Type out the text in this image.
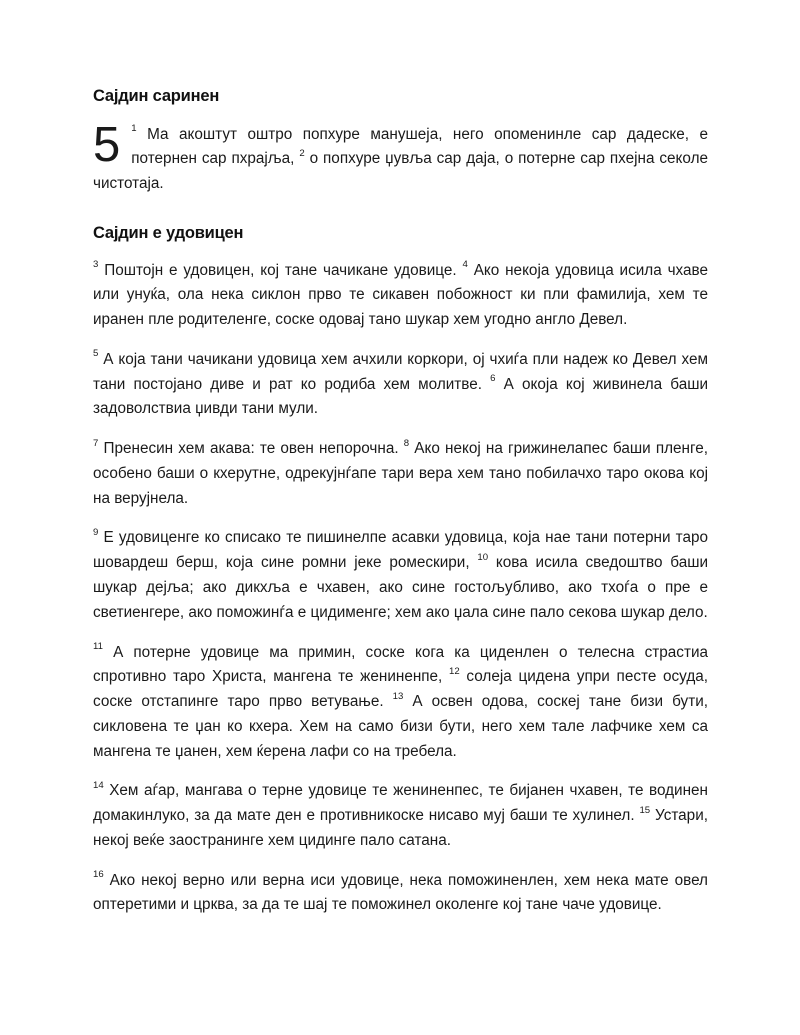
Сајдин саринен

5 $^1$ Ма акоштут оштро попхуре манушеја, него опоменинле сар дадеске, е потернен сар пхрајља, $^2$ о попхуре џувља сар даја, о потерне сар пхејна секоле чистотаја.

Сајдин е удовицен

$^3$ Поштојн е удовицен, кој тане чачикане удовице. $^4$ Ако некоја удовица исила чхаве или унуќа, ола нека сиклон прво те сикавен побожност ки пли фамилија, хем те иранен пле родителенге, соске одовај тано шукар хем угодно англо Девел.

$^5$ А која тани чачикани удовица хем ачхили коркори, ој чхиѓа пли надеж ко Девел хем тани постојано диве и рат ко родиба хем молитве. $^6$ А окоја кој живинела баши задоволствиа џивди тани мули.

$^7$ Пренесин хем акава: те овен непорочна. $^8$ Ако некој на грижинелапес баши пленге, особено баши о кхерутне, одрекујнѓапе тари вера хем тано побилачхо таро окова кој на верујнела.

$^9$ Е удовиценге ко списако те пишинелпе асавки удовица, која нае тани потерни таро шовардеш берш, која сине ромни јеке ромескири, $^{10}$ кова исила сведоштво баши шукар дејља; ако дикхља е чхавен, ако сине гостољубливо, ако тхоѓа о пре е светиенгере, ако поможинѓа е цидименге; хем ако џала сине пало секова шукар дело.

$^{11}$ А потерне удовице ма примин, соске кога ка циденлен о телесна страстиа спротивно таро Христа, мангена те жениненпе, $^{12}$ солеја цидена упри песте осуда, соске отстапинге таро прво ветување. $^{13}$ А освен одова, соскеј тане бизи бути, сикловена те џан ко кхера. Хем на само бизи бути, него хем тале лафчике хем са мангена те џанен, хем ќерена лафи со на требела.

$^{14}$ Хем аѓар, мангава о терне удовице те жениненпес, те бијанен чхавен, те водинен домакинлуко, за да мате ден е противникоске нисаво муј баши те хулинел. $^{15}$ Устари, некој веќе заостранинге хем цидинге пало сатана.

$^{16}$ Ако некој верно или верна иси удовице, нека поможиненлен, хем нека мате овел оптеретими и црква, за да те шај те поможинел околенге кој тане чаче удовице.
